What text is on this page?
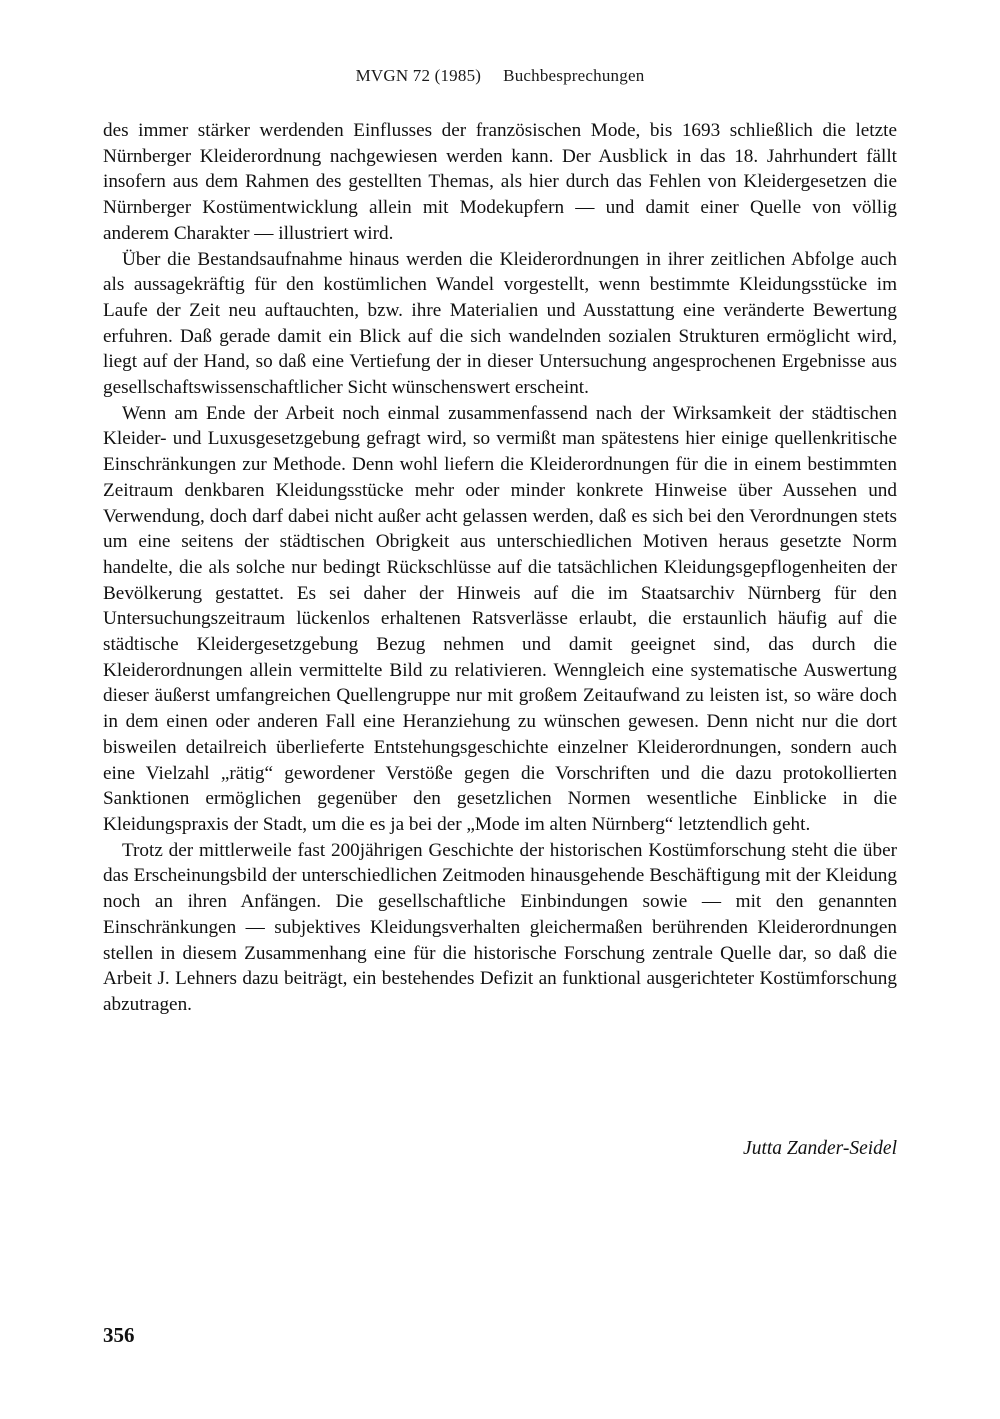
MVGN 72 (1985) Buchbesprechungen

des immer stärker werdenden Einflusses der französischen Mode, bis 1693 schließlich die letzte Nürnberger Kleiderordnung nachgewiesen werden kann. Der Ausblick in das 18. Jahrhundert fällt insofern aus dem Rahmen des gestellten Themas, als hier durch das Fehlen von Kleidergesetzen die Nürnberger Kostümentwicklung allein mit Modekupfern — und damit einer Quelle von völlig anderem Charakter — illustriert wird.

Über die Bestandsaufnahme hinaus werden die Kleiderordnungen in ihrer zeitlichen Abfolge auch als aussagekräftig für den kostümlichen Wandel vorgestellt, wenn bestimmte Kleidungsstücke im Laufe der Zeit neu auftauchten, bzw. ihre Materialien und Ausstattung eine veränderte Bewertung erfuhren. Daß gerade damit ein Blick auf die sich wandelnden sozialen Strukturen ermöglicht wird, liegt auf der Hand, so daß eine Vertiefung der in dieser Untersuchung angesprochenen Ergebnisse aus gesellschaftswissenschaftlicher Sicht wünschenswert erscheint.

Wenn am Ende der Arbeit noch einmal zusammenfassend nach der Wirksamkeit der städtischen Kleider- und Luxusgesetzgebung gefragt wird, so vermißt man spätestens hier einige quellenkritische Einschränkungen zur Methode. Denn wohl liefern die Kleiderordnungen für die in einem bestimmten Zeitraum denkbaren Kleidungsstücke mehr oder minder konkrete Hinweise über Aussehen und Verwendung, doch darf dabei nicht außer acht gelassen werden, daß es sich bei den Verordnungen stets um eine seitens der städtischen Obrigkeit aus unterschiedlichen Motiven heraus gesetzte Norm handelte, die als solche nur bedingt Rückschlüsse auf die tatsächlichen Kleidungsgepflogenheiten der Bevölkerung gestattet. Es sei daher der Hinweis auf die im Staatsarchiv Nürnberg für den Untersuchungszeitraum lückenlos erhaltenen Ratsverlässe erlaubt, die erstaunlich häufig auf die städtische Kleidergesetzgebung Bezug nehmen und damit geeignet sind, das durch die Kleiderordnungen allein vermittelte Bild zu relativieren. Wenngleich eine systematische Auswertung dieser äußerst umfangreichen Quellengruppe nur mit großem Zeitaufwand zu leisten ist, so wäre doch in dem einen oder anderen Fall eine Heranziehung zu wünschen gewesen. Denn nicht nur die dort bisweilen detailreich überlieferte Entstehungsgeschichte einzelner Kleiderordnungen, sondern auch eine Vielzahl „rätig“ gewordener Verstöße gegen die Vorschriften und die dazu protokollierten Sanktionen ermöglichen gegenüber den gesetzlichen Normen wesentliche Einblicke in die Kleidungspraxis der Stadt, um die es ja bei der „Mode im alten Nürnberg“ letztendlich geht.

Trotz der mittlerweile fast 200jährigen Geschichte der historischen Kostümforschung steht die über das Erscheinungsbild der unterschiedlichen Zeitmoden hinausgehende Beschäftigung mit der Kleidung noch an ihren Anfängen. Die gesellschaftliche Einbindungen sowie — mit den genannten Einschränkungen — subjektives Kleidungsverhalten gleichermaßen berührenden Kleiderordnungen stellen in diesem Zusammenhang eine für die historische Forschung zentrale Quelle dar, so daß die Arbeit J. Lehners dazu beiträgt, ein bestehendes Defizit an funktional ausgerichteter Kostümforschung abzutragen.

Jutta Zander-Seidel
356
